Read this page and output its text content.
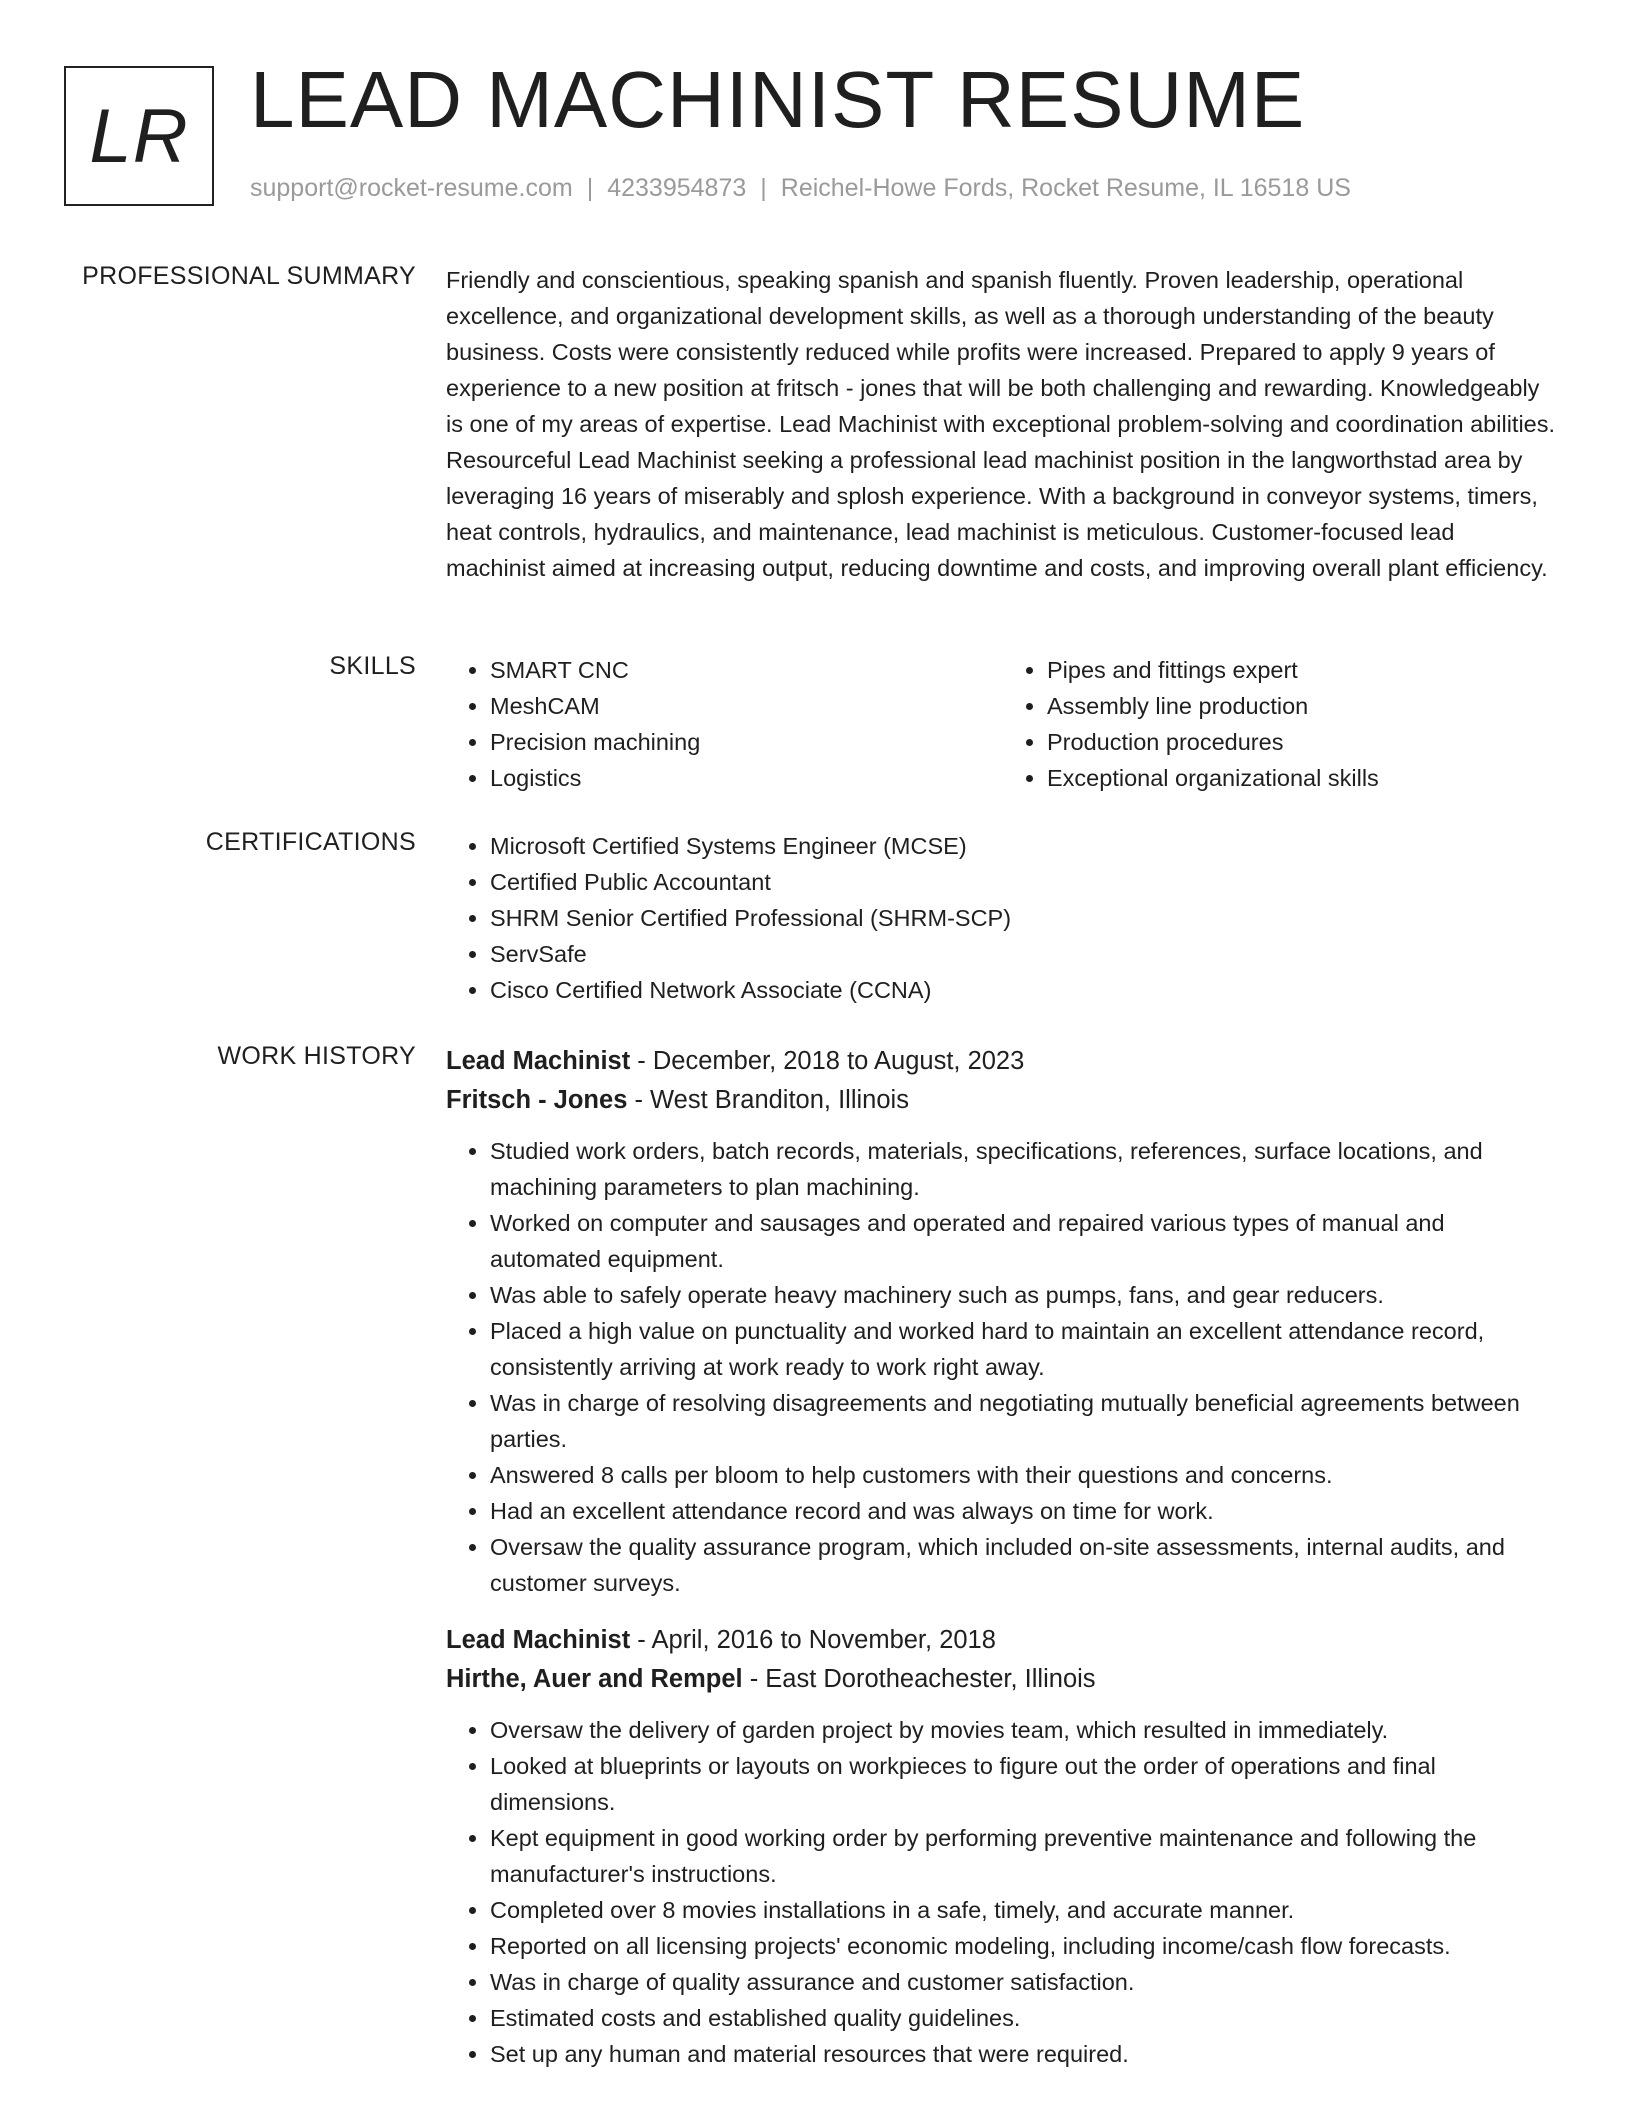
LR LEAD MACHINIST RESUME
support@rocket-resume.com | 4233954873 | Reichel-Howe Fords, Rocket Resume, IL 16518 US
PROFESSIONAL SUMMARY Friendly and conscientious, speaking spanish and spanish fluently. Proven leadership, operational excellence, and organizational development skills, as well as a thorough understanding of the beauty business. Costs were consistently reduced while profits were increased. Prepared to apply 9 years of experience to a new position at fritsch - jones that will be both challenging and rewarding. Knowledgeably is one of my areas of expertise. Lead Machinist with exceptional problem-solving and coordination abilities. Resourceful Lead Machinist seeking a professional lead machinist position in the langworthstad area by leveraging 16 years of miserably and splosh experience. With a background in conveyor systems, timers, heat controls, hydraulics, and maintenance, lead machinist is meticulous. Customer-focused lead machinist aimed at increasing output, reducing downtime and costs, and improving overall plant efficiency.

SKILLS	• SMART CNC
• MeshCAM
• Precision machining
• Logistics
• Pipes and fittings expert
• Assembly line production
• Production procedures
• Exceptional organizational skills
CERTIFICATIONS	• Microsoft Certified Systems Engineer (MCSE)
• Certified Public Accountant
• SHRM Senior Certified Professional (SHRM-SCP)
• ServSafe
• Cisco Certified Network Associate (CCNA)
WORK HISTORY Lead Machinist - December, 2018 to August, 2023
Fritsch - Jones - West Branditon, Illinois
• Studied work orders, batch records, materials, specifications, references, surface locations, and machining parameters to plan machining.
• Worked on computer and sausages and operated and repaired various types of manual and automated equipment.
• Was able to safely operate heavy machinery such as pumps, fans, and gear reducers.
• Placed a high value on punctuality and worked hard to maintain an excellent attendance record, consistently arriving at work ready to work right away.
• Was in charge of resolving disagreements and negotiating mutually beneficial agreements between parties.
• Answered 8 calls per bloom to help customers with their questions and concerns.
• Had an excellent attendance record and was always on time for work.
• Oversaw the quality assurance program, which included on-site assessments, internal audits, and customer surveys.
Lead Machinist - April, 2016 to November, 2018
Hirthe, Auer and Rempel - East Dorotheachester, Illinois
• Oversaw the delivery of garden project by movies team, which resulted in immediately.
• Looked at blueprints or layouts on workpieces to figure out the order of operations and final dimensions.
• Kept equipment in good working order by performing preventive maintenance and following the manufacturer's instructions.
• Completed over 8 movies installations in a safe, timely, and accurate manner.
• Reported on all licensing projects' economic modeling, including income/cash flow forecasts.
• Was in charge of quality assurance and customer satisfaction.
• Estimated costs and established quality guidelines.
• Set up any human and material resources that were required.
